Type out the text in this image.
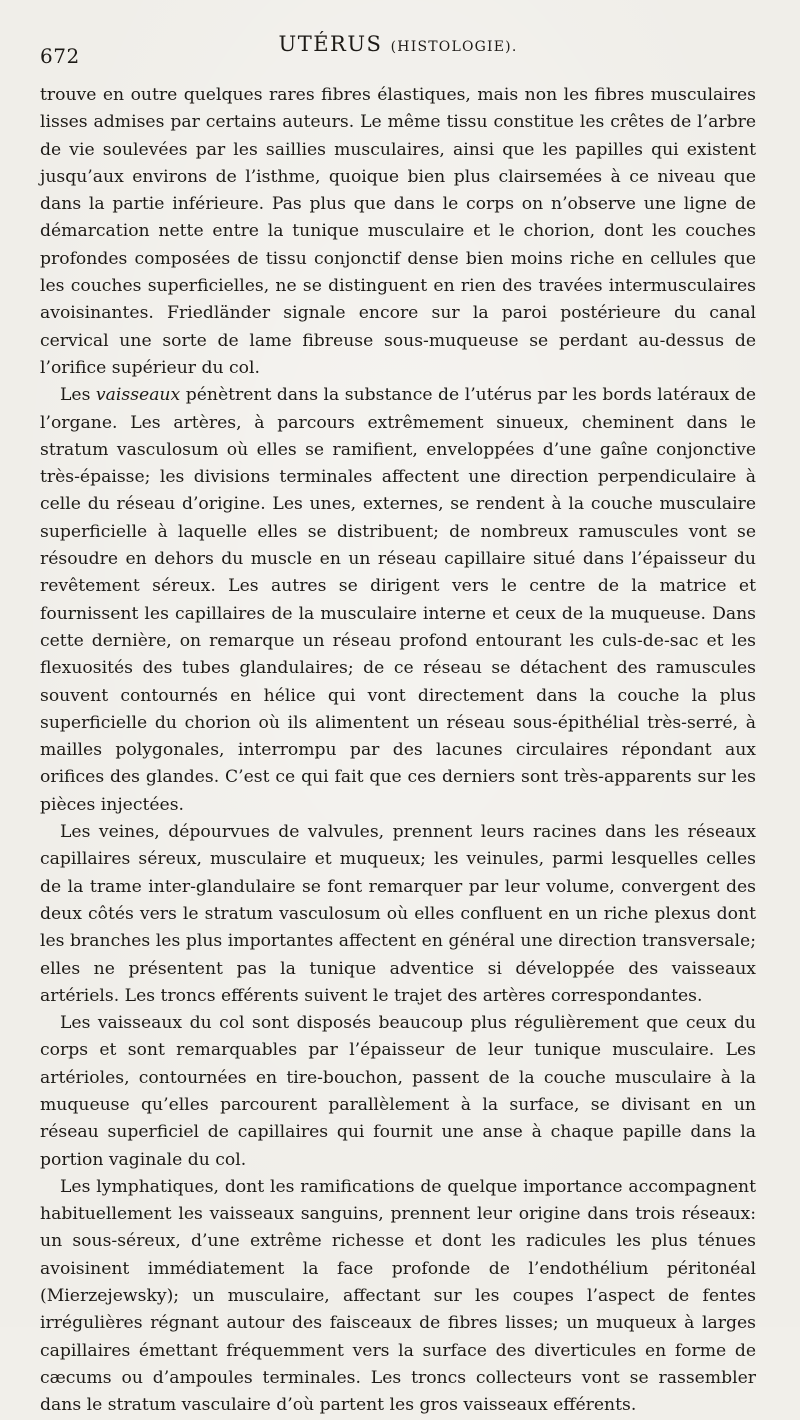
672	UTÉRUS (HISTOLOGIE).

trouve en outre quelques rares fibres élastiques, mais non les fibres musculaires lisses admises par certains auteurs. Le même tissu constitue les crêtes de l’arbre de vie soulevées par les saillies musculaires, ainsi que les papilles qui existent jusqu’aux environs de l’isthme, quoique bien plus clairsemées à ce niveau que dans la partie inférieure. Pas plus que dans le corps on n’observe une ligne de démarcation nette entre la tunique musculaire et le chorion, dont les couches profondes composées de tissu conjonctif dense bien moins riche en cellules que les couches superficielles, ne se distinguent en rien des travées intermusculaires avoisinantes. Friedländer signale encore sur la paroi postérieure du canal cervical une sorte de lame fibreuse sous-muqueuse se perdant au-dessus de l’orifice supérieur du col.

Les vaisseaux pénètrent dans la substance de l’utérus par les bords latéraux de l’organe. Les artères, à parcours extrêmement sinueux, cheminent dans le stratum vasculosum où elles se ramifient, enveloppées d’une gaîne conjonctive très-épaisse; les divisions terminales affectent une direction perpendiculaire à celle du réseau d’origine. Les unes, externes, se rendent à la couche musculaire superficielle à laquelle elles se distribuent; de nombreux ramuscules vont se résoudre en dehors du muscle en un réseau capillaire situé dans l’épaisseur du revêtement séreux. Les autres se dirigent vers le centre de la matrice et fournissent les capillaires de la musculaire interne et ceux de la muqueuse. Dans cette dernière, on remarque un réseau profond entourant les culs-de-sac et les flexuosités des tubes glandulaires; de ce réseau se détachent des ramuscules souvent contournés en hélice qui vont directement dans la couche la plus superficielle du chorion où ils alimentent un réseau sous-épithélial très-serré, à mailles polygonales, interrompu par des lacunes circulaires répondant aux orifices des glandes. C’est ce qui fait que ces derniers sont très-apparents sur les pièces injectées.

Les veines, dépourvues de valvules, prennent leurs racines dans les réseaux capillaires séreux, musculaire et muqueux; les veinules, parmi lesquelles celles de la trame inter-glandulaire se font remarquer par leur volume, convergent des deux côtés vers le stratum vasculosum où elles confluent en un riche plexus dont les branches les plus importantes affectent en général une direction transversale; elles ne présentent pas la tunique adventice si développée des vaisseaux artériels. Les troncs efférents suivent le trajet des artères correspondantes.

Les vaisseaux du col sont disposés beaucoup plus régulièrement que ceux du corps et sont remarquables par l’épaisseur de leur tunique musculaire. Les artérioles, contournées en tire-bouchon, passent de la couche musculaire à la muqueuse qu’elles parcourent parallèlement à la surface, se divisant en un réseau superficiel de capillaires qui fournit une anse à chaque papille dans la portion vaginale du col.

Les lymphatiques, dont les ramifications de quelque importance accompagnent habituellement les vaisseaux sanguins, prennent leur origine dans trois réseaux: un sous-séreux, d’une extrême richesse et dont les radicules les plus ténues avoisinent immédiatement la face profonde de l’endothélium péritonéal (Mierzejewsky); un musculaire, affectant sur les coupes l’aspect de fentes irrégulières régnant autour des faisceaux de fibres lisses; un muqueux à larges capillaires émettant fréquemment vers la surface des diverticules en forme de cæcums ou d’ampoules terminales. Les troncs collecteurs vont se rassembler dans le stratum vasculaire d’où partent les gros vaisseaux efférents.
